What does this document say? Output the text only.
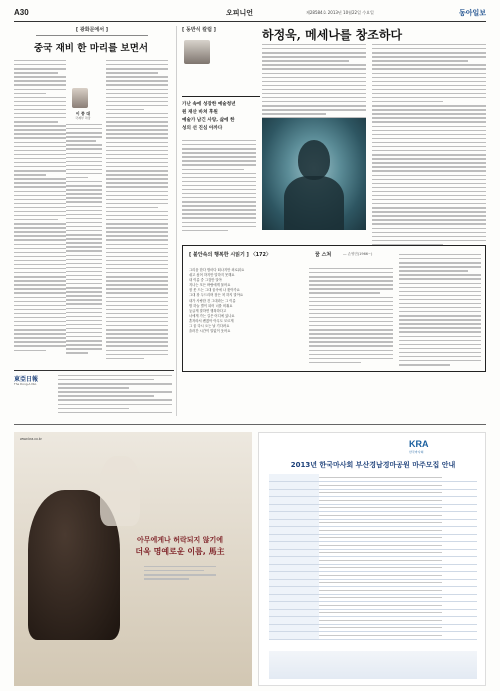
A30	오피니언	제28584호 2013년 10월22일 수요일	동아일보
[ 광화문에서 ]
중국 재비 한 마리를 보면서
이 종 대
국제부 차장
[ 동반식 칼럼 ]	하정욱, 메세나를 창조하다
가난 속에 성장한 예술청년
원 재산 바쳐 후원
예술가 남긴 사랑, 삶에 한
성의 선 진심 아까다
[ 불안속의 행복한 시읽기 ] 〈172〉	꿈 스쳐	― 손영민(1966~)
그리움 한다 밤마다 떠나지만 외로워요
쉬고 싶어 하지만 말하지 못해요
내 이름 중 그것만 알아
지나는 모든 바람에게 물어요
잠 못 드는 그대 꿈속에 나 찾아가요
그대 창 두드리며 잠든 척 하지 말아요
내가 사랑한 건 그대라는 그 이름
밤 하늘 별이 되어 너를 비춰요
둥글게 말하면 행복하다고
너에게 가는 길은 어디에 있나요
혼자라서 괜찮아 아무도 모르게
그 꿈 다시 오는 날 기다려요
흘러간 시간이 말없이 웃어요
東亞日報
The Dong-A Ilbo
www.kra.co.kr
아무에게나 허락되지 않기에
더욱 명예로운 이름, 馬主
KRA
한국마사회
2013년 한국마사회 부산경남경마공원 마주모집 안내
